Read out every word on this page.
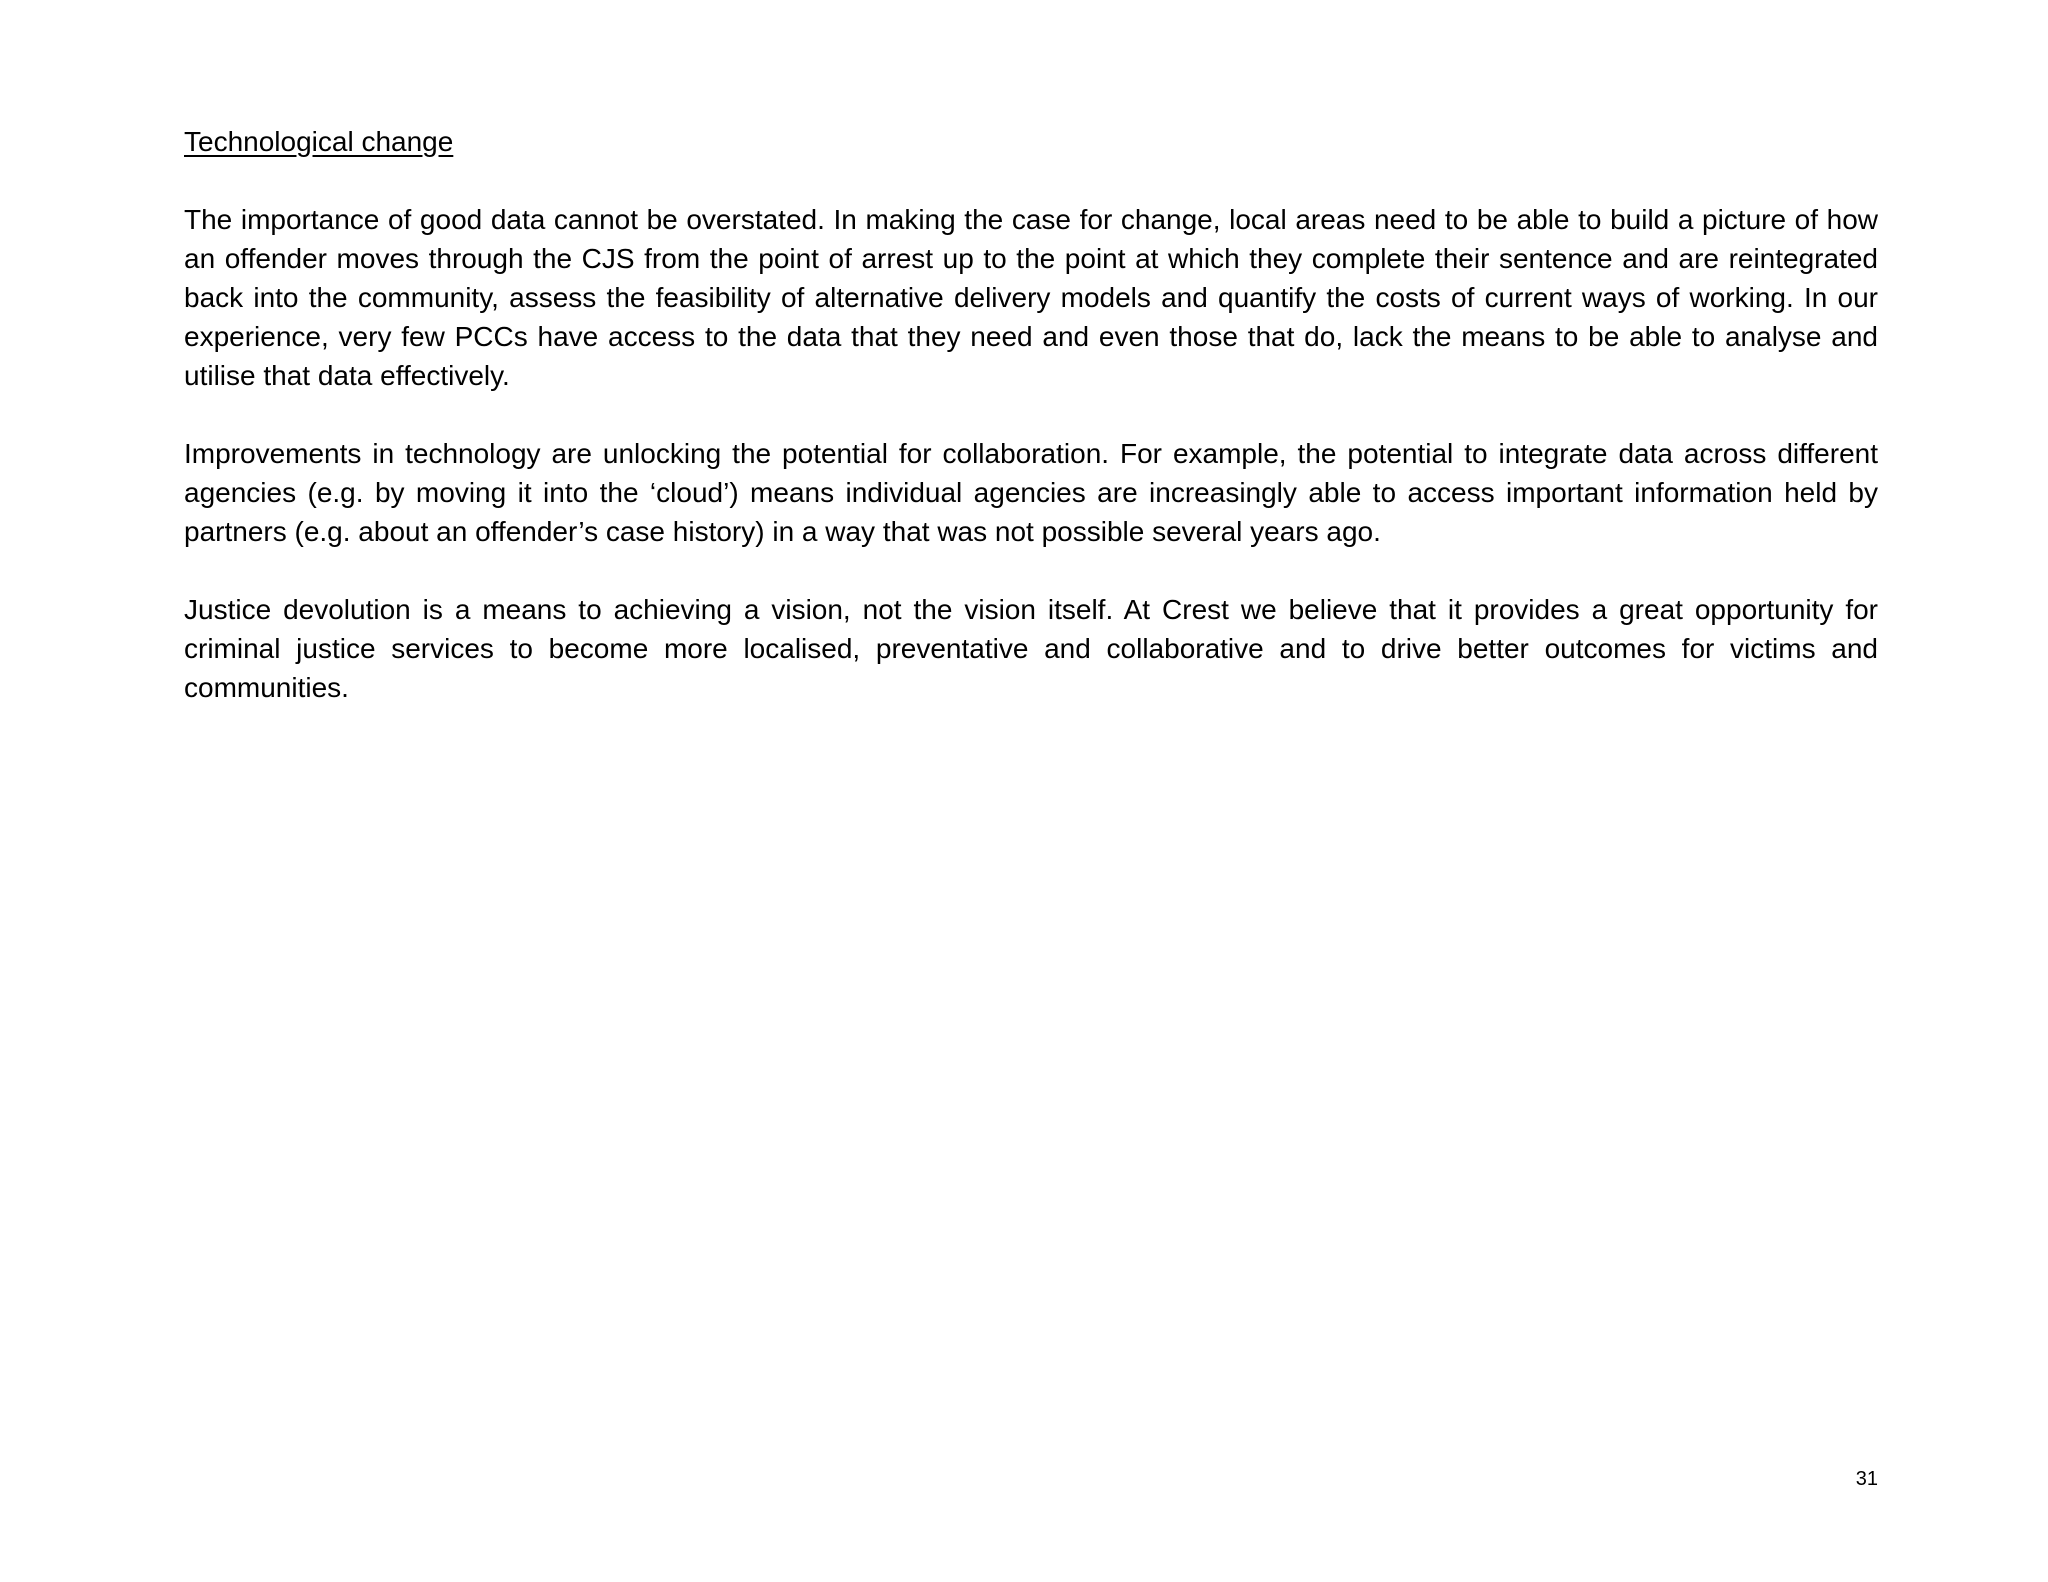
Technological change

The importance of good data cannot be overstated. In making the case for change, local areas need to be able to build a picture of how an offender moves through the CJS from the point of arrest up to the point at which they complete their sentence and are reintegrated back into the community, assess the feasibility of alternative delivery models and quantify the costs of current ways of working. In our experience, very few PCCs have access to the data that they need and even those that do, lack the means to be able to analyse and utilise that data effectively.

Improvements in technology are unlocking the potential for collaboration. For example, the potential to integrate data across different agencies (e.g. by moving it into the ‘cloud’) means individual agencies are increasingly able to access important information held by partners (e.g. about an offender’s case history) in a way that was not possible several years ago.

Justice devolution is a means to achieving a vision, not the vision itself. At Crest we believe that it provides a great opportunity for criminal justice services to become more localised, preventative and collaborative and to drive better outcomes for victims and communities.

31
